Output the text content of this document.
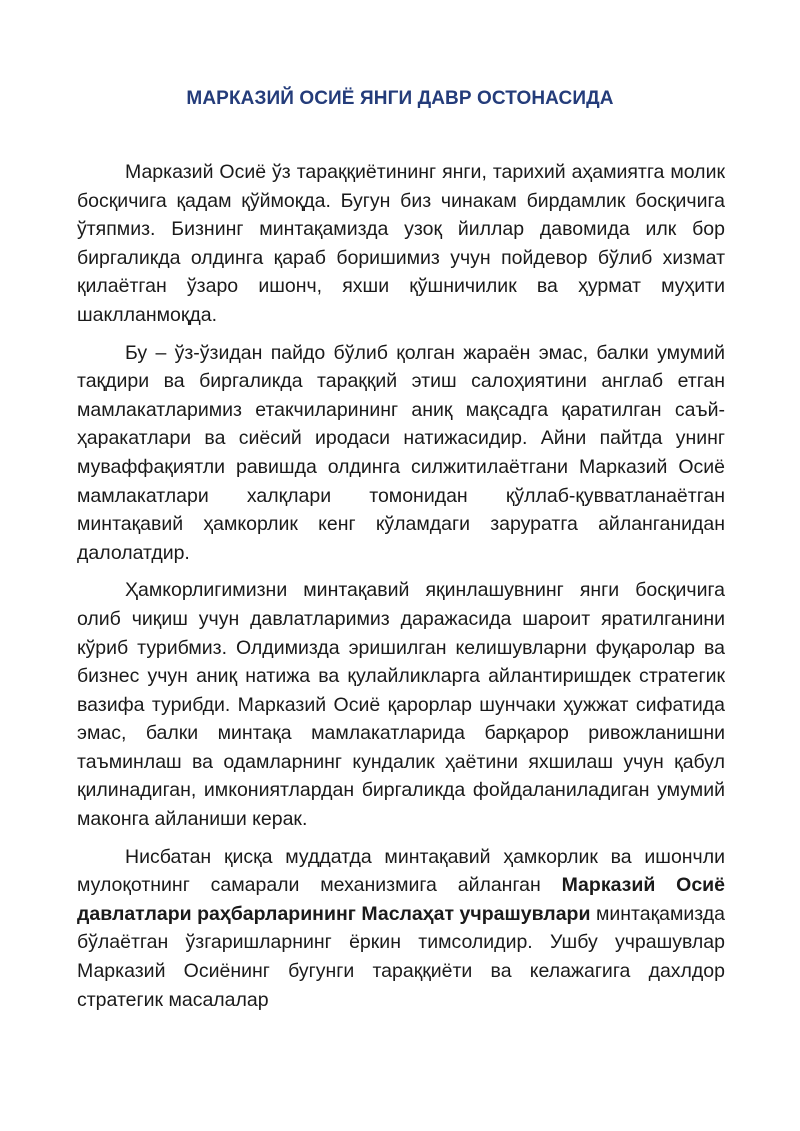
МАРКАЗИЙ ОСИЁ ЯНГИ ДАВР ОСТОНАСИДА

Марказий Осиё ўз тараққиётининг янги, тарихий аҳамиятга молик босқичига қадам қўймоқда. Бугун биз чинакам бирдамлик босқичига ўтяпмиз. Бизнинг минтақамизда узоқ йиллар давомида илк бор биргаликда олдинга қараб боришимиз учун пойдевор бўлиб хизмат қилаётган ўзаро ишонч, яхши қўшничилик ва ҳурмат муҳити шаклланмоқда.

Бу – ўз-ўзидан пайдо бўлиб қолган жараён эмас, балки умумий тақдири ва биргаликда тараққий этиш салоҳиятини англаб етган мамлакатларимиз етакчиларининг аниқ мақсадга қаратилган саъй-ҳаракатлари ва сиёсий иродаси натижасидир. Айни пайтда унинг муваффақиятли равишда олдинга силжитилаётгани Марказий Осиё мамлакатлари халқлари томонидан қўллаб-қувватланаётган минтақавий ҳамкорлик кенг кўламдаги заруратга айланганидан далолатдир.

Ҳамкорлигимизни минтақавий яқинлашувнинг янги босқичига олиб чиқиш учун давлатларимиз даражасида шароит яратилганини кўриб турибмиз. Олдимизда эришилган келишувларни фуқаролар ва бизнес учун аниқ натижа ва қулайликларга айлантиришдек стратегик вазифа турибди. Марказий Осиё қарорлар шунчаки ҳужжат сифатида эмас, балки минтақа мамлакатларида барқарор ривожланишни таъминлаш ва одамларнинг кундалик ҳаётини яхшилаш учун қабул қилинадиган, имкониятлардан биргаликда фойдаланиладиган умумий маконга айланиши керак.

Нисбатан қисқа муддатда минтақавий ҳамкорлик ва ишончли мулоқотнинг самарали механизмига айланган Марказий Осиё давлатлари раҳбарларининг Маслаҳат учрашувлари минтақамизда бўлаётган ўзгаришларнинг ёркин тимсолидир. Ушбу учрашувлар Марказий Осиёнинг бугунги тараққиёти ва келажагига дахлдор стратегик масалалар
